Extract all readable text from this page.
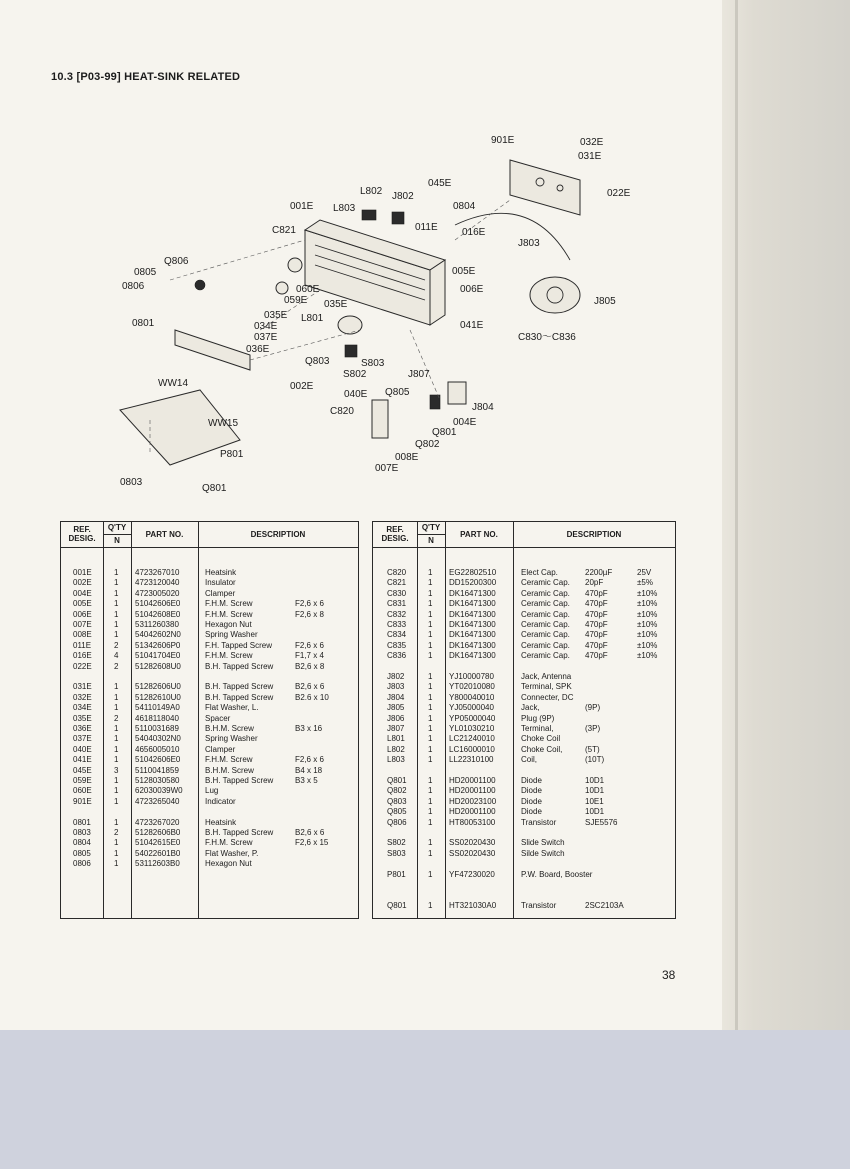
10.3 [P03-99] HEAT-SINK RELATED
901E	032E
031E
022E
045E
L802 J802
L803	0804
001E
011E 016E
J803
C821
Q806
0805
0806
005E
006E
J805
060E
059E 035E
0801
035E
034E
L801
037E
036E
041E
C830～C836
Q803	S803
WW14
S802	J807
002E
040E Q805
C820	J804
004E
WW15
Q801
Q802
P801	008E
007E
0803
Q801
REF. DESIG.
Q'TY
N
PART NO.	DESCRIPTION
001E	1 4723267010	Heatsink
002E	1 4723120040	Insulator
004E	1 4723005020	Clamper
005E	1 51042606E0	F.H.M. Screw	F2,6 x 6
006E	1 51042608E0	F.H.M. Screw	F2,6 x 8
007E	1 5311260380	Hexagon Nut
008E	1 54042602N0	Spring Washer
011E	2 51342606P0	F.H. Tapped Screw	F2,6 x 6
016E	4 51041704E0	F.H.M. Screw	F1,7 x 4
022E	2 51282608U0	B.H. Tapped Screw	B2,6 x 8
031E	1 51282606U0	B.H. Tapped Screw	B2,6 x 6
032E	1 51282610U0	B.H. Tapped Screw	B2.6 x 10
034E	1 54110149A0	Flat Washer, L.
035E	2 4618118040	Spacer
036E	1 5110031689	B.H.M. Screw	B3 x 16
037E	1 54040302N0	Spring Washer
040E	1 4656005010	Clamper
041E	1 51042606E0	F.H.M. Screw	F2,6 x 6
045E	3 5110041859	B.H.M. Screw	B4 x 18
059E	1 5128030580	B.H. Tapped Screw	B3 x 5
060E	1 62030039W0	Lug
901E	1 4723265040	Indicator
0801	1 4723267020	Heatsink
0803	2 51282606B0	B.H. Tapped Screw	B2,6 x 6
0804	1 51042615E0	F.H.M. Screw	F2,6 x 15
0805	1 54022601B0	Flat Washer, P.
0806	1 53112603B0	Hexagon Nut
REF. DESIG.
Q'TY
N
PART NO.	DESCRIPTION
C820	1 EG22802510	Elect Cap.	2200µF	25V
C821	1 DD15200300	Ceramic Cap. 20pF	±5%
C830	1 DK16471300	Ceramic Cap. 470pF	±10%
C831	1 DK16471300	Ceramic Cap. 470pF	±10%
C832	1 DK16471300	Ceramic Cap. 470pF	±10%
C833	1 DK16471300	Ceramic Cap. 470pF	±10%
C834	1 DK16471300	Ceramic Cap. 470pF	±10%
C835	1 DK16471300	Ceramic Cap. 470pF	±10%
C836	1 DK16471300	Ceramic Cap. 470pF	±10%
J802	1 YJ10000780	Jack, Antenna
J803	1 YT02010080	Terminal, SPK
J804	1 Y800040010	Connecter, DC
J805	1 YJ05000040	Jack,	(9P)
J806	1 YP05000040	Plug (9P)
J807	1 YL01030210	Terminal,	(3P)
L801	1 LC21240010	Choke Coil
L802	1 LC16000010	Choke Coil,	(5T)
L803	1 LL22310100	Coil,	(10T)
Q801	1 HD20001100	Diode	10D1
Q802	1 HD20001100	Diode	10D1
Q803	1 HD20023100	Diode	10E1
Q805	1 HD20001100	Diode	10D1
Q806	1 HT80053100	Transistor	SJE5576
S802	1 SS02020430	Slide Switch
S803	1 SS02020430	Silde Switch
P801	1 YF47230020	P.W. Board, Booster
Q801	1 HT321030A0	Transistor	2SC2103A
38
